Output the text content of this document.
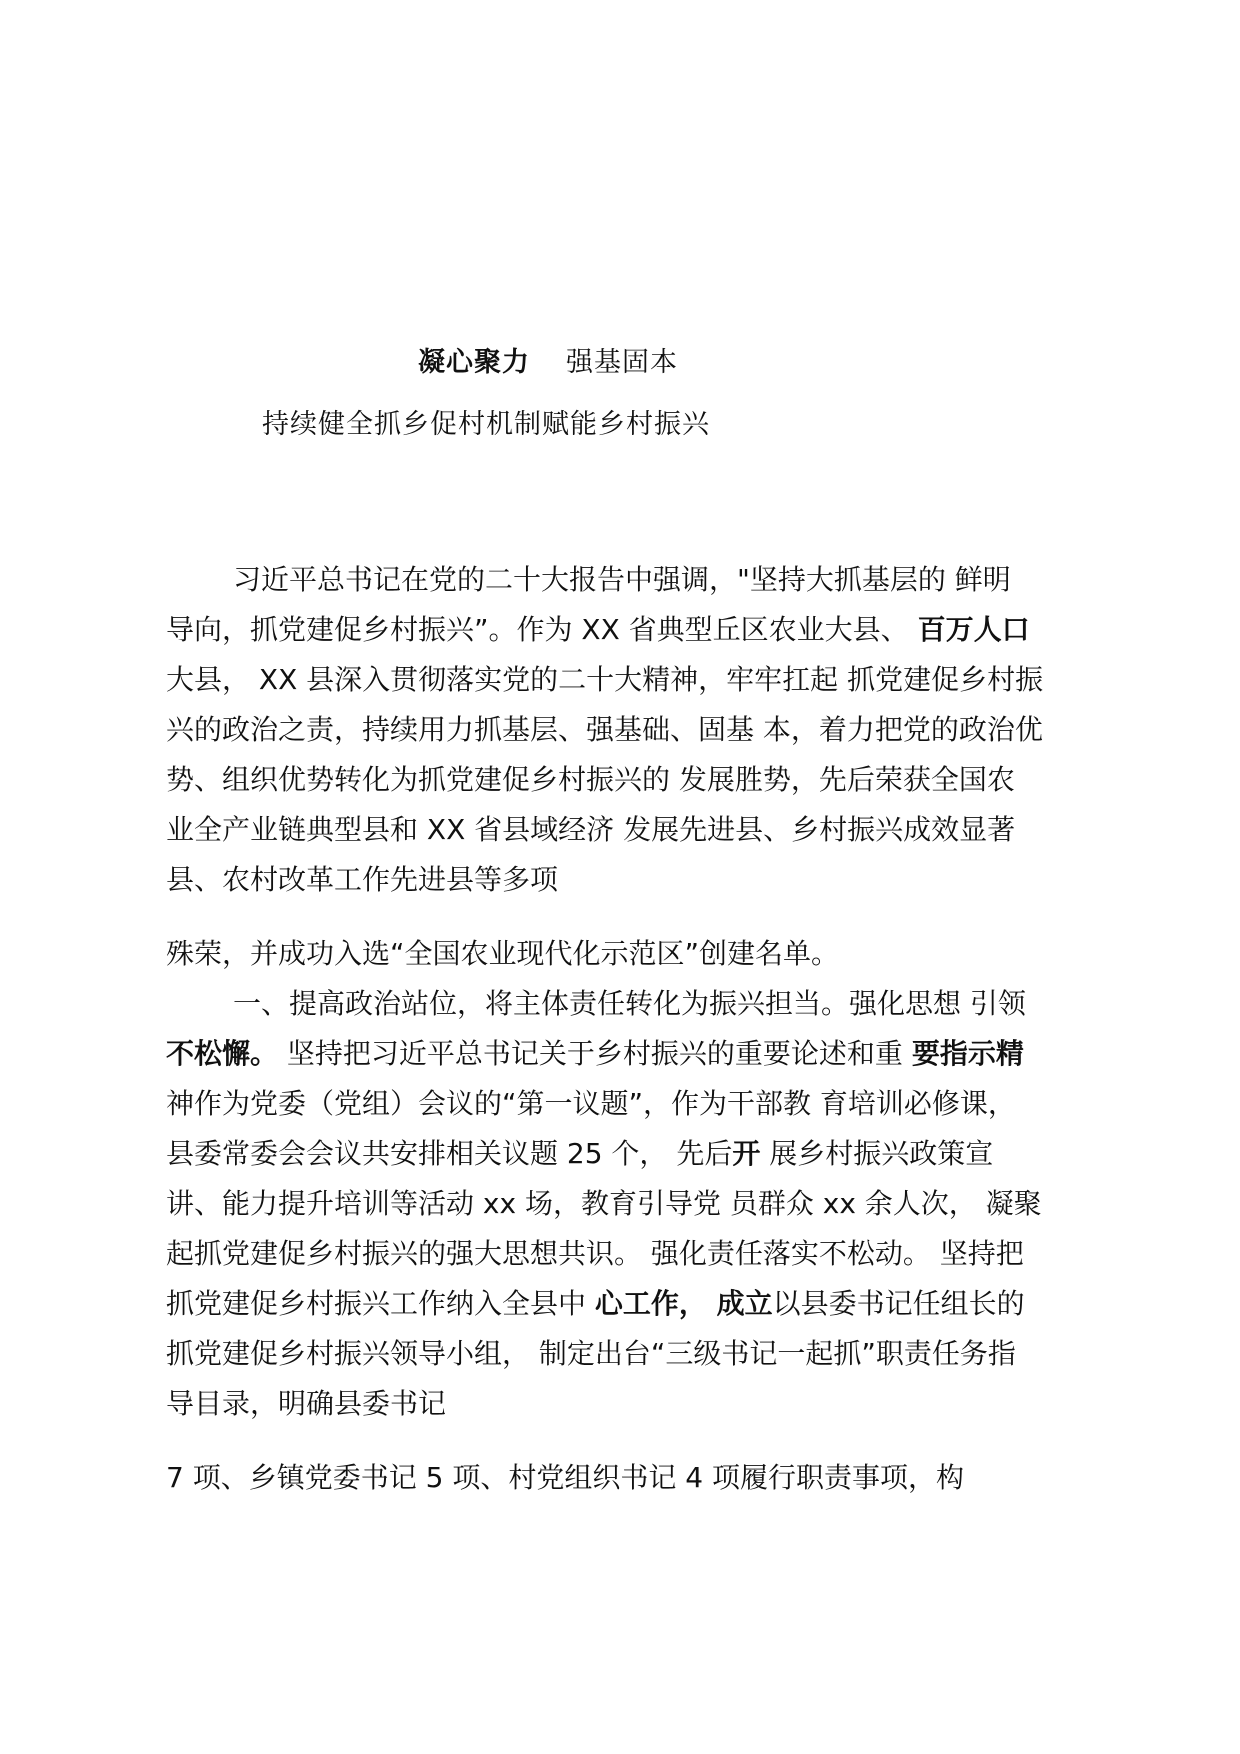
凝心聚力 强基固本
持续健全抓乡促村机制赋能乡村振兴
习近平总书记在党的二十大报告中强调，"坚持大抓基层的 鲜明
导向，抓党建促乡村振兴”。作为 XX 省典型丘区农业大县、 百万人口
大县， XX 县深入贯彻落实党的二十大精神，牢牢扛起 抓党建促乡村振
兴的政治之责，持续用力抓基层、强基础、固基 本，着力把党的政治优
势、组织优势转化为抓党建促乡村振兴的 发展胜势，先后荣获全国农
业全产业链典型县和 XX 省县域经济 发展先进县、乡村振兴成效显著
县、农村改革工作先进县等多项
殊荣，并成功入选“全国农业现代化示范区”创建名单。
一、提高政治站位，将主体责任转化为振兴担当。强化思想 引领
不松懈。 坚持把习近平总书记关于乡村振兴的重要论述和重 要指示精
神作为党委（党组）会议的“第一议题”，作为干部教 育培训必修课，
县委常委会会议共安排相关议题 25 个， 先后开 展乡村振兴政策宣
讲、能力提升培训等活动 xx 场，教育引导党 员群众 xx 余人次， 凝聚
起抓党建促乡村振兴的强大思想共识。 强化责任落实不松动。 坚持把
抓党建促乡村振兴工作纳入全县中 心工作， 成立以县委书记任组长的
抓党建促乡村振兴领导小组， 制定出台“三级书记一起抓”职责任务指
导目录，明确县委书记
7 项、乡镇党委书记 5 项、村党组织书记 4 项履行职责事项，构
